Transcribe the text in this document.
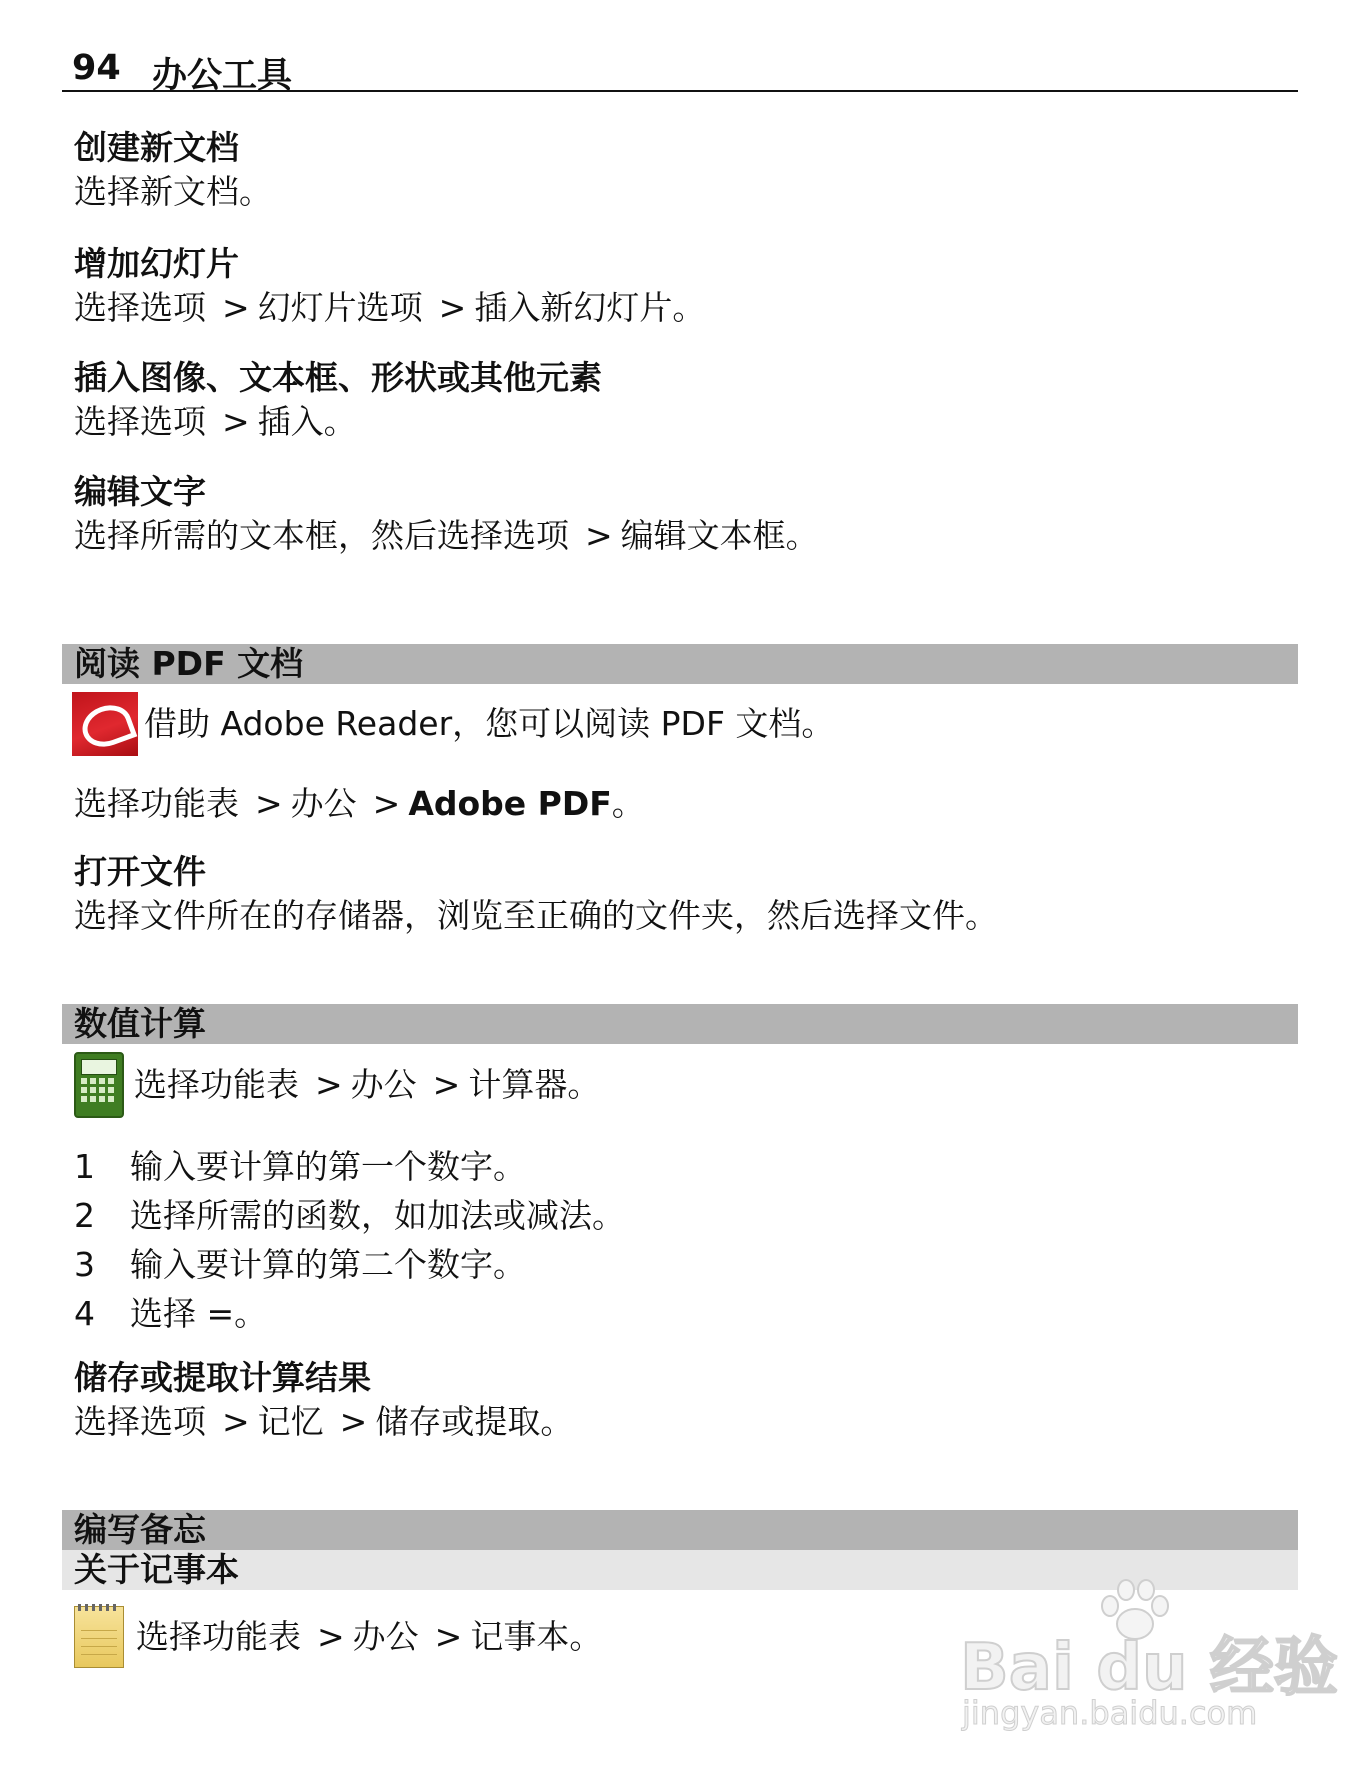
94 办公工具
创建新文档
选择新文档。
增加幻灯片
选择选项 > 幻灯片选项 > 插入新幻灯片。
插入图像、文本框、形状或其他元素
选择选项 > 插入。
编辑文字
选择所需的文本框，然后选择选项 > 编辑文本框。
阅读 PDF 文档
借助 Adobe Reader，您可以阅读 PDF 文档。
选择功能表 > 办公 > Adobe PDF。
打开文件
选择文件所在的存储器，浏览至正确的文件夹，然后选择文件。
数值计算
选择功能表 > 办公 > 计算器。
1	输入要计算的第一个数字。
2	选择所需的函数，如加法或减法。
3	输入要计算的第二个数字。
4	选择 =。
储存或提取计算结果
选择选项 > 记忆 > 储存或提取。
编写备忘
关于记事本
选择功能表 > 办公 > 记事本。	Bai du 经验
jingyan.baidu.com
